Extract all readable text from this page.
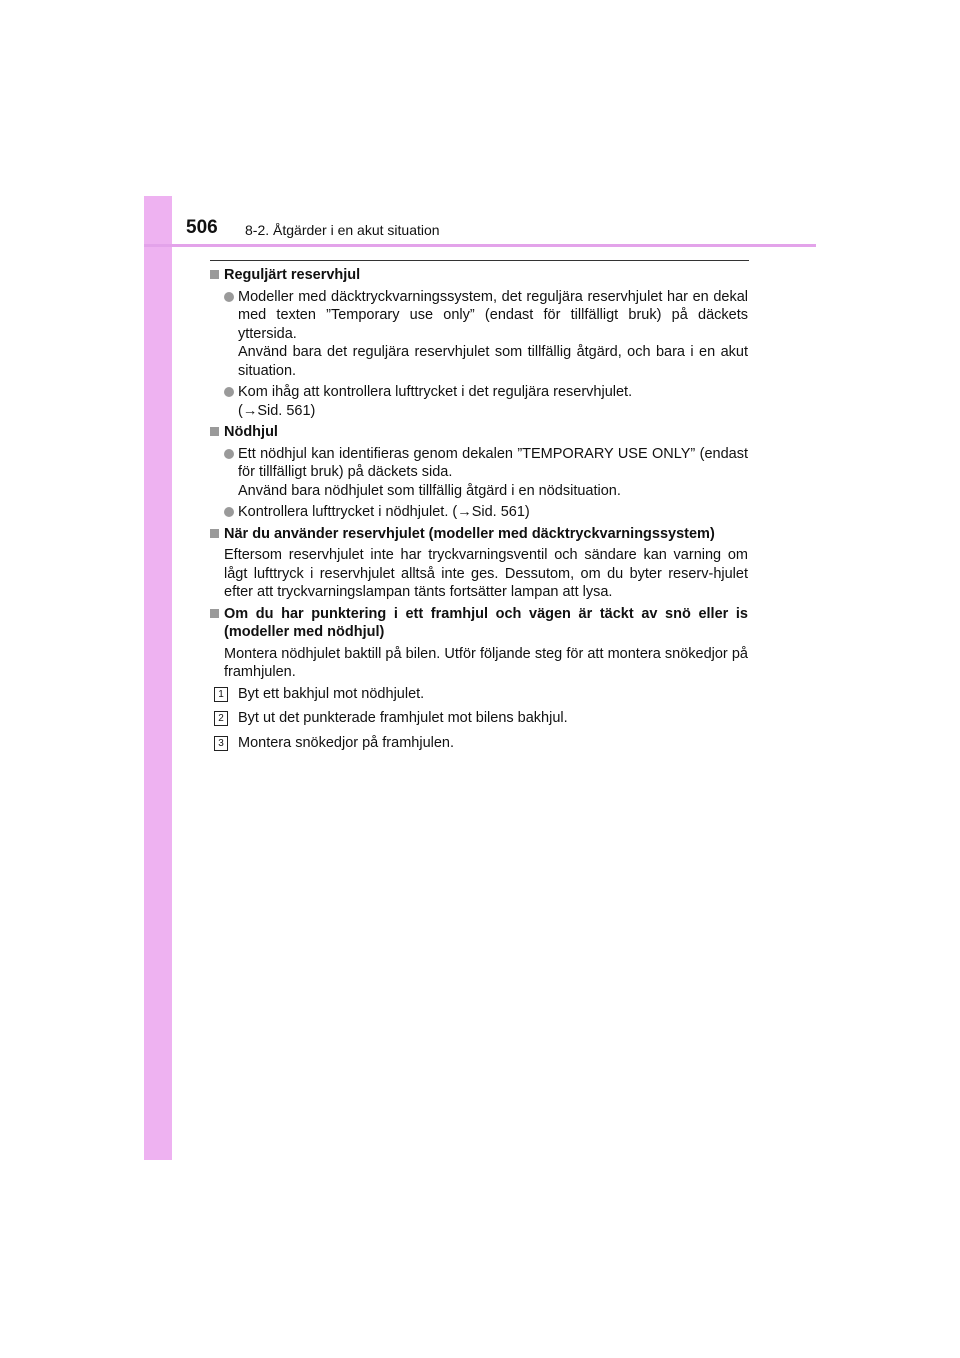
506 8-2. Åtgärder i en akut situation
Reguljärt reservhjul
Modeller med däcktryckvarningssystem, det reguljära reservhjulet har en dekal med texten ”Temporary use only” (endast för tillfälligt bruk) på däckets yttersida.
Använd bara det reguljära reservhjulet som tillfällig åtgärd, och bara i en akut situation.
Kom ihåg att kontrollera lufttrycket i det reguljära reservhjulet.
(→Sid. 561)
Nödhjul
Ett nödhjul kan identifieras genom dekalen ”TEMPORARY USE ONLY” (endast för tillfälligt bruk) på däckets sida.
Använd bara nödhjulet som tillfällig åtgärd i en nödsituation.
Kontrollera lufttrycket i nödhjulet. (→Sid. 561)
När du använder reservhjulet (modeller med däcktryckvarningssystem)
Eftersom reservhjulet inte har tryckvarningsventil och sändare kan varning om lågt lufttryck i reservhjulet alltså inte ges. Dessutom, om du byter reserv-hjulet efter att tryckvarningslampan tänts fortsätter lampan att lysa.
Om du har punktering i ett framhjul och vägen är täckt av snö eller is (modeller med nödhjul)
Montera nödhjulet baktill på bilen. Utför följande steg för att montera snökedjor på framhjulen.
1 Byt ett bakhjul mot nödhjulet.
2 Byt ut det punkterade framhjulet mot bilens bakhjul.
3 Montera snökedjor på framhjulen.
